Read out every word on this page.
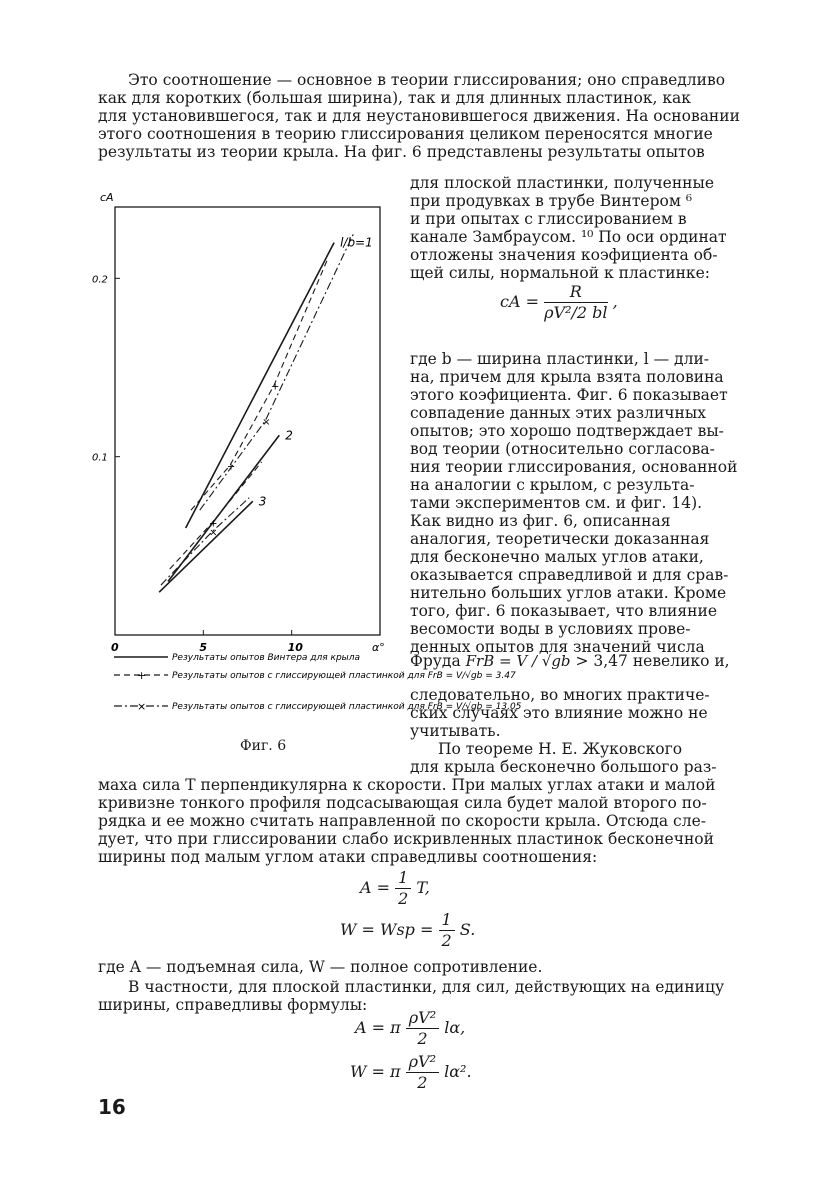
Это соотношение — основное в теории глиссирования; оно справедливо
как для коротких (большая ширина), так и для длинных пластинок, как
для установившегося, так и для неустановившегося движения. На основании
этого соотношения в теорию глиссирования целиком переносятся многие
результаты из теории крыла. На фиг. 6 представлены результаты опытов
для плоской пластинки, полученные
при продувках в трубе Винтером ⁶
и при опытах с глиссированием в
канале Замбраусом. ¹⁰ По оси ординат
отложены значения коэфициента об-
щей силы, нормальной к пластинке:
cA = $\frac{R}{\text{ρV²/2 bl}}$ ,
где b — ширина пластинки, l — дли-
на, причем для крыла взята половина
этого коэфициента. Фиг. 6 показывает
совпадение данных этих различных
опытов; это хорошо подтверждает вы-
вод теории (относительно согласова-
ния теории глиссирования, основанной
на аналогии с крылом, с результа-
тами экспериментов см. и фиг. 14).
Как видно из фиг. 6, описанная
аналогия, теоретически доказанная
для бесконечно малых углов атаки,
оказывается справедливой и для срав-
нительно больших углов атаки. Кроме
того, фиг. 6 показывает, что влияние
весомости воды в условиях прове-
денных опытов для значений числа
Фруда FrB = V / √gb > 3,47 невелико и,
следовательно, во многих практиче-
ских случаях это влияние можно не
учитывать.
По теореме Н. Е. Жуковского
для крыла бесконечно большого раз-
маха сила T перпендикулярна к скорости. При малых углах атаки и малой
кривизне тонкого профиля подсасывающая сила будет малой второго по-
рядка и ее можно считать направленной по скорости крыла. Отсюда сле-
дует, что при глиссировании слабо искривленных пластинок бесконечной
ширины под малым углом атаки справедливы соотношения:
$A = \frac{1}{2} T$,
W = Wsp = $\frac{1}{2} S$.
где A — подъемная сила, W — полное сопротивление.
В частности, для плоской пластинки, для сил, действующих на единицу
ширины, справедливы формулы:
A = π $\frac{\text{ρV²}}{2} l\alpha$,
W = π $\frac{\text{ρV²}}{2} l\alpha^2$.
cA
α°
0.1
0.2
0	5	10
l/b=1
2
3
+
+
+
×
×
Результаты опытов Винтера для крыла
+	Результаты опытов с глиссирующей пластинкой для FrB = V/√gb = 3.47
×	Результаты опытов с глиссирующей пластинкой для FrB = V/√gb = 13.05
Фиг. 6
16
